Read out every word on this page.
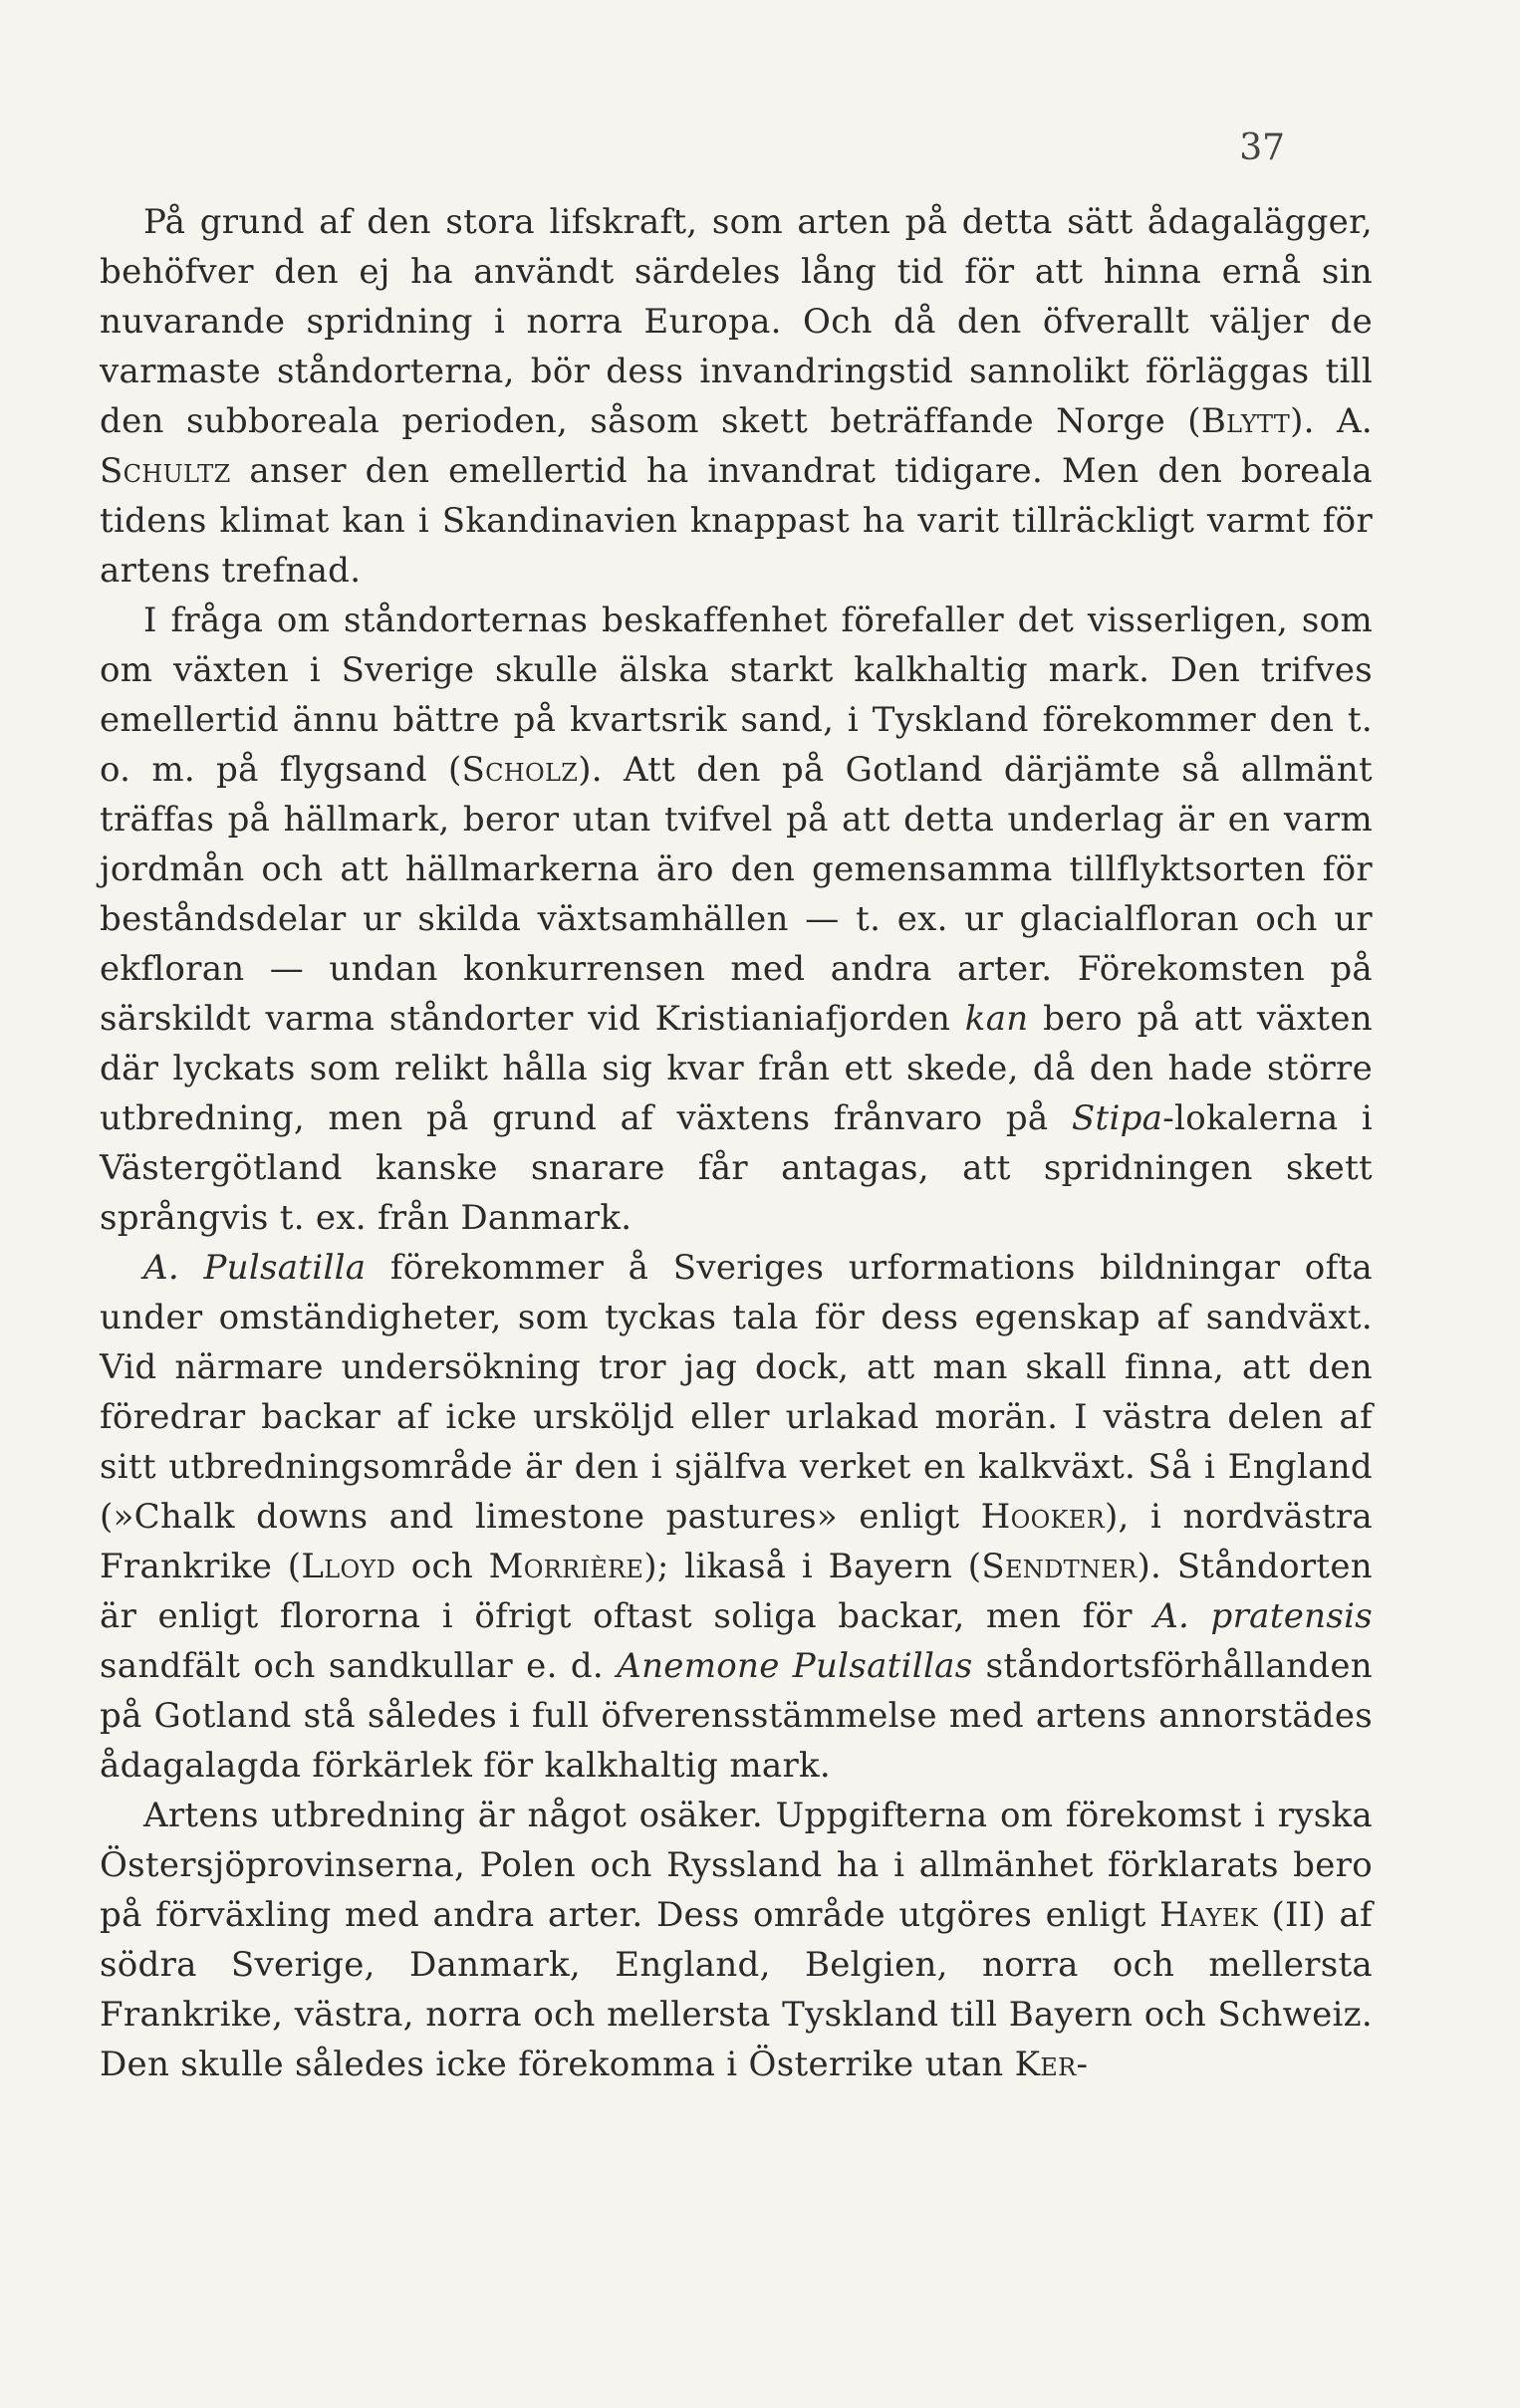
37

På grund af den stora lifskraft, som arten på detta sätt ådagalägger, behöfver den ej ha användt särdeles lång tid för att hinna ernå sin nuvarande spridning i norra Europa. Och då den öfverallt väljer de varmaste ståndorterna, bör dess invandringstid sannolikt förläggas till den subboreala perioden, såsom skett beträffande Norge (Blytt). A. Schultz anser den emellertid ha invandrat tidigare. Men den boreala tidens klimat kan i Skandinavien knappast ha varit tillräckligt varmt för artens trefnad.

I fråga om ståndorternas beskaffenhet förefaller det visserligen, som om växten i Sverige skulle älska starkt kalkhaltig mark. Den trifves emellertid ännu bättre på kvartsrik sand, i Tyskland förekommer den t. o. m. på flygsand (Scholz). Att den på Gotland därjämte så allmänt träffas på hällmark, beror utan tvifvel på att detta underlag är en varm jordmån och att hällmarkerna äro den gemensamma tillflyktsorten för beståndsdelar ur skilda växtsamhällen — t. ex. ur glacialfloran och ur ekfloran — undan konkurrensen med andra arter. Förekomsten på särskildt varma ståndorter vid Kristianiafjorden kan bero på att växten där lyckats som relikt hålla sig kvar från ett skede, då den hade större utbredning, men på grund af växtens frånvaro på Stipa-lokalerna i Västergötland kanske snarare får antagas, att spridningen skett språngvis t. ex. från Danmark.

A. Pulsatilla förekommer å Sveriges urformations bildningar ofta under omständigheter, som tyckas tala för dess egenskap af sandväxt. Vid närmare undersökning tror jag dock, att man skall finna, att den föredrar backar af icke ursköljd eller urlakad morän. I västra delen af sitt utbredningsområde är den i själfva verket en kalkväxt. Så i England (»Chalk downs and limestone pastures» enligt Hooker), i nordvästra Frankrike (Lloyd och Morrière); likaså i Bayern (Sendtner). Ståndorten är enligt flororna i öfrigt oftast soliga backar, men för A. pratensis sandfält och sandkullar e. d. Anemone Pulsatillas ståndortsförhållanden på Gotland stå således i full öfverensstämmelse med artens annorstädes ådagalagda förkärlek för kalkhaltig mark.

Artens utbredning är något osäker. Uppgifterna om förekomst i ryska Östersjöprovinserna, Polen och Ryssland ha i allmänhet förklarats bero på förväxling med andra arter. Dess område utgöres enligt Hayek (II) af södra Sverige, Danmark, England, Belgien, norra och mellersta Frankrike, västra, norra och mellersta Tyskland till Bayern och Schweiz. Den skulle således icke förekomma i Österrike utan Ker-
